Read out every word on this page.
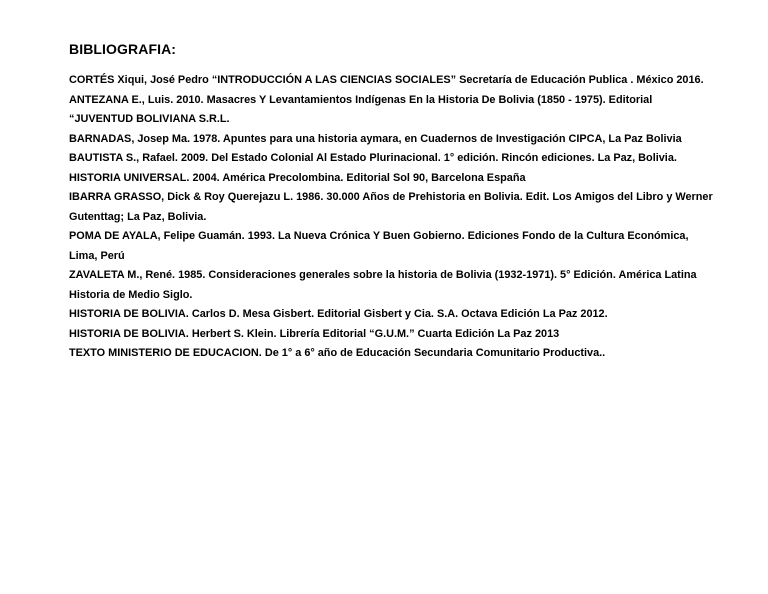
BIBLIOGRAFIA:
CORTÉS Xiqui, José Pedro “INTRODUCCIÓN A LAS CIENCIAS SOCIALES” Secretaría de Educación Publica . México 2016.
ANTEZANA E., Luis. 2010. Masacres Y Levantamientos Indígenas En la Historia De Bolivia (1850 - 1975). Editorial “JUVENTUD BOLIVIANA S.R.L.
BARNADAS, Josep Ma. 1978. Apuntes para una historia aymara, en Cuadernos de Investigación CIPCA, La Paz Bolivia
BAUTISTA S., Rafael. 2009. Del Estado Colonial Al Estado Plurinacional. 1° edición. Rincón ediciones. La Paz, Bolivia.
HISTORIA UNIVERSAL. 2004. América Precolombina. Editorial Sol 90, Barcelona España
IBARRA GRASSO, Dick & Roy Querejazu L. 1986. 30.000 Años de Prehistoria en Bolivia. Edit. Los Amigos del Libro y Werner Gutenttag; La Paz, Bolivia.
POMA DE AYALA, Felipe Guamán. 1993. La Nueva Crónica Y Buen Gobierno. Ediciones Fondo de la Cultura Económica, Lima, Perú
ZAVALETA M., René. 1985. Consideraciones generales sobre la historia de Bolivia (1932-1971). 5° Edición. América Latina Historia de Medio Siglo.
HISTORIA DE BOLIVIA. Carlos D. Mesa Gisbert. Editorial Gisbert y Cia. S.A. Octava Edición La Paz 2012.
HISTORIA DE BOLIVIA. Herbert S. Klein. Librería Editorial “G.U.M.” Cuarta Edición La Paz 2013
TEXTO MINISTERIO DE EDUCACION. De 1° a 6° año de Educación Secundaria Comunitario Productiva..
